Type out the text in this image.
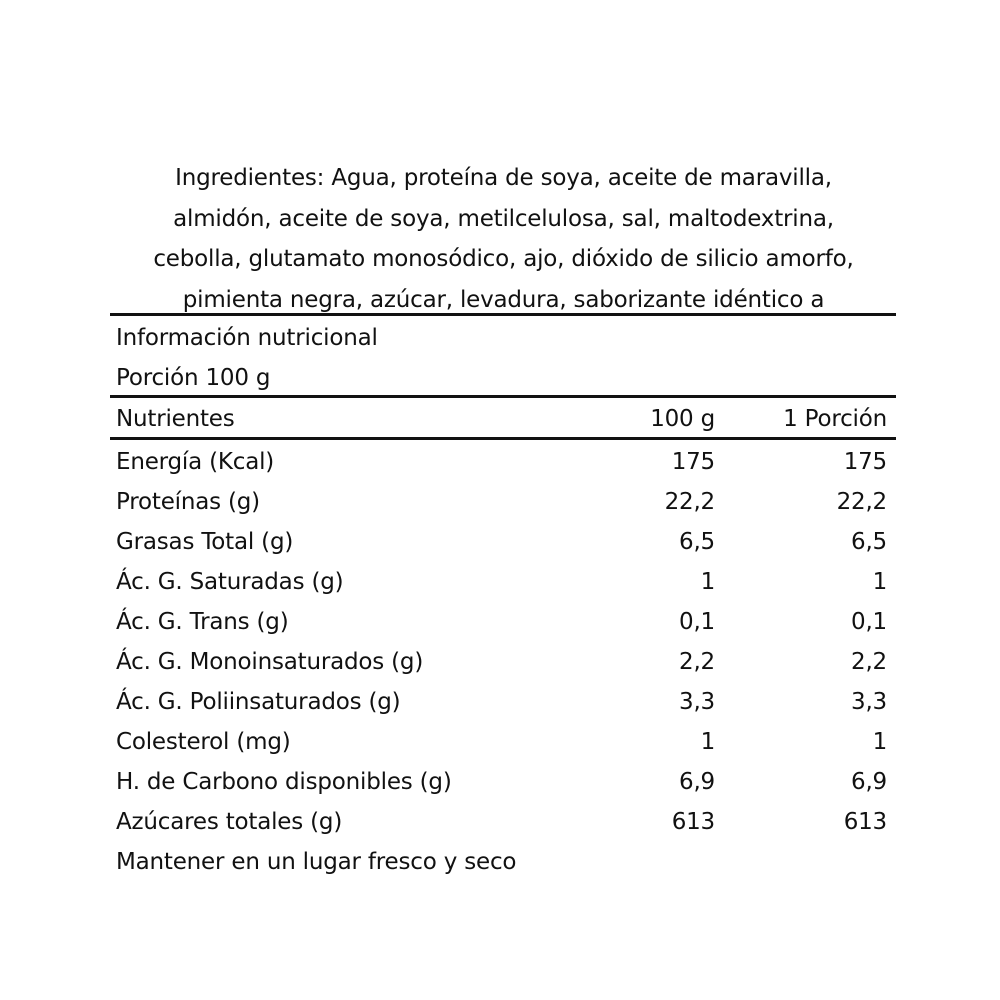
Ingredientes: Agua, proteína de soya, aceite de maravilla,
almidón, aceite de soya, metilcelulosa, sal, maltodextrina,
cebolla, glutamato monosódico, ajo, dióxido de silicio amorfo,
pimienta negra, azúcar, levadura, saborizante idéntico a
Información nutricional
Porción 100 g
Nutrientes	100 g	1 Porción
Energía (Kcal)	175	175
Proteínas (g)	22,2	22,2
Grasas Total (g)	6,5	6,5
Ác. G. Saturadas (g)	1	1
Ác. G. Trans (g)	0,1	0,1
Ác. G. Monoinsaturados (g)	2,2	2,2
Ác. G. Poliinsaturados (g)	3,3	3,3
Colesterol (mg)	1	1
H. de Carbono disponibles (g)	6,9	6,9
Azúcares totales (g)	613	613
Mantener en un lugar fresco y seco
